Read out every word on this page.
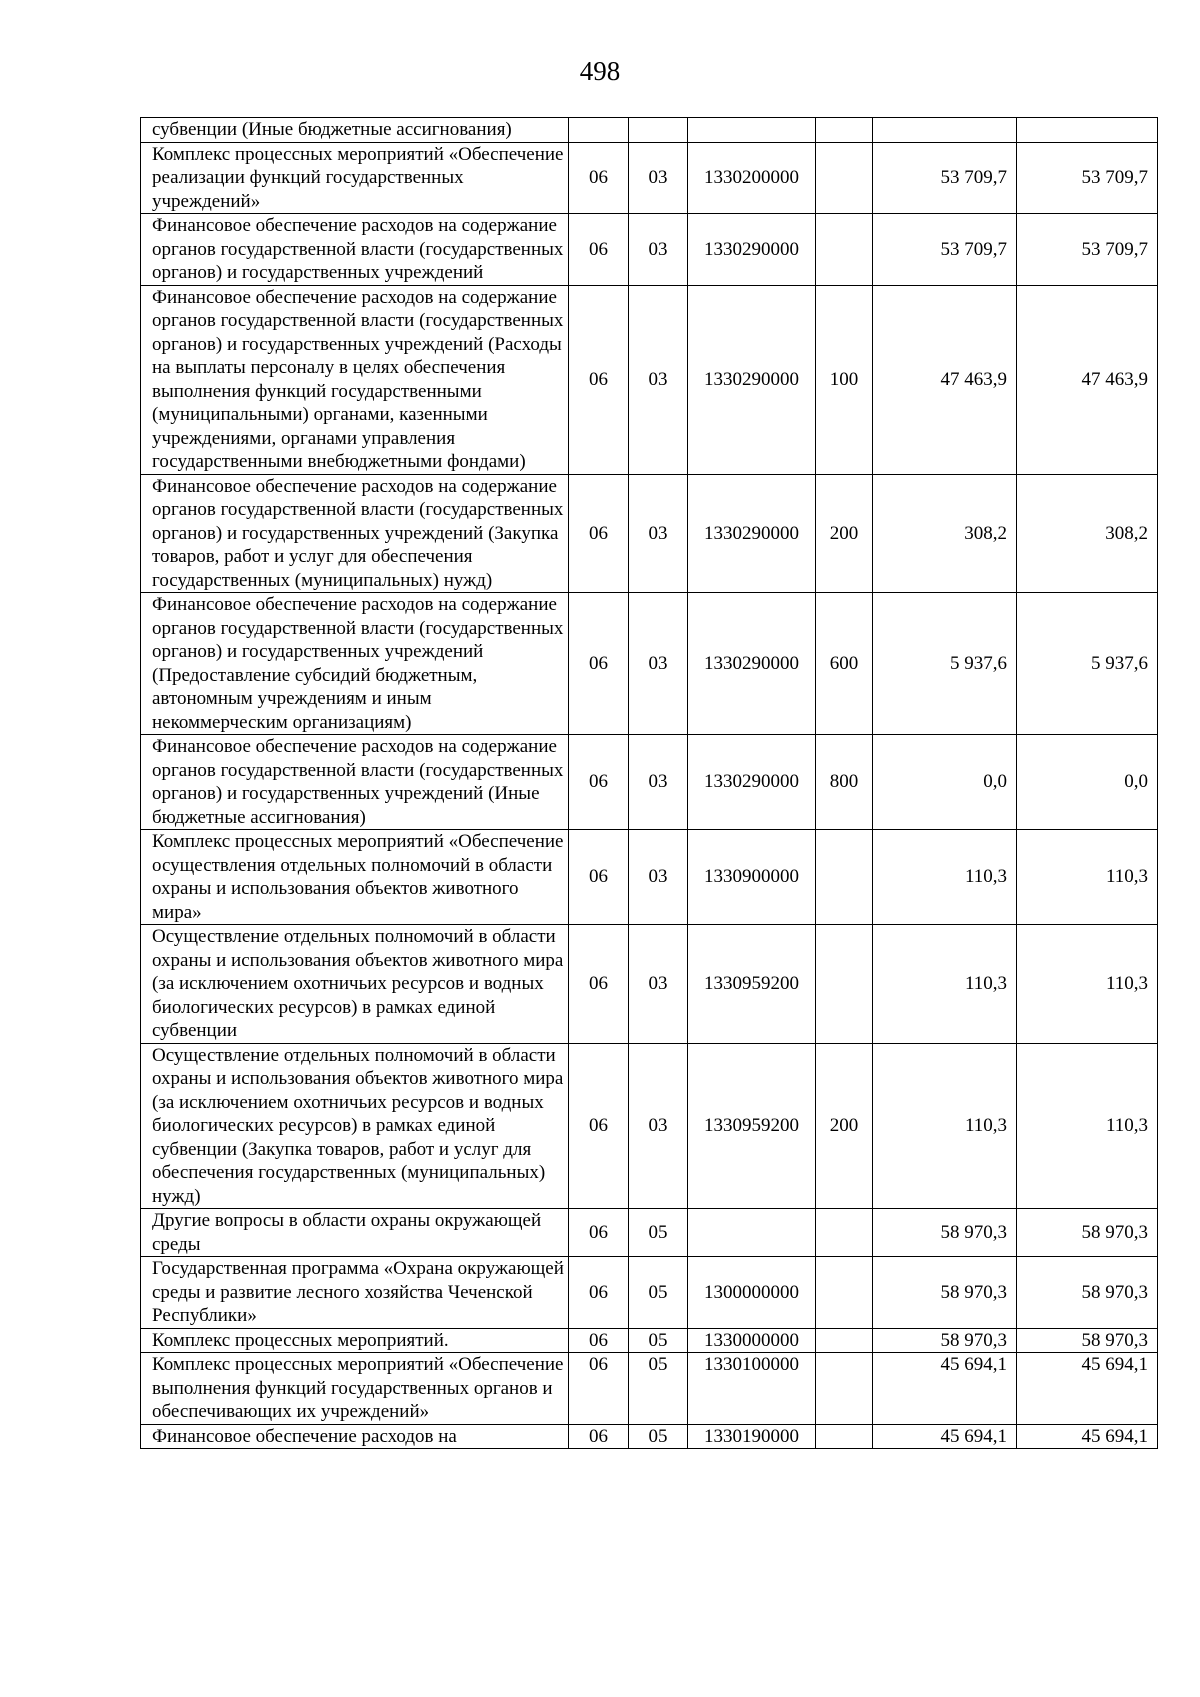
498
субвенции (Иные бюджетные ассигнования)						
Комплекс процессных мероприятий «Обеспечение реализации функций государственных учреждений»	06	03	1330200000		53 709,7	53 709,7
Финансовое обеспечение расходов на содержание органов государственной власти (государственных органов) и государственных учреждений	06	03	1330290000		53 709,7	53 709,7
Финансовое обеспечение расходов на содержание органов государственной власти (государственных органов) и государственных учреждений (Расходы на выплаты персоналу в целях обеспечения выполнения функций государственными (муниципальными) органами, казенными учреждениями, органами управления государственными внебюджетными фондами)	06	03	1330290000	100	47 463,9	47 463,9
Финансовое обеспечение расходов на содержание органов государственной власти (государственных органов) и государственных учреждений (Закупка товаров, работ и услуг для обеспечения государственных (муниципальных) нужд)	06	03	1330290000	200	308,2	308,2
Финансовое обеспечение расходов на содержание органов государственной власти (государственных органов) и государственных учреждений (Предоставление субсидий бюджетным, автономным учреждениям и иным некоммерческим организациям)	06	03	1330290000	600	5 937,6	5 937,6
Финансовое обеспечение расходов на содержание органов государственной власти (государственных органов) и государственных учреждений (Иные бюджетные ассигнования)	06	03	1330290000	800	0,0	0,0
Комплекс процессных мероприятий «Обеспечение осуществления отдельных полномочий в области охраны и использования объектов животного мира»	06	03	1330900000		110,3	110,3
Осуществление отдельных полномочий в области охраны и использования объектов животного мира (за исключением охотничьих ресурсов и водных биологических ресурсов) в рамках единой субвенции	06	03	1330959200		110,3	110,3
Осуществление отдельных полномочий в области охраны и использования объектов животного мира (за исключением охотничьих ресурсов и водных биологических ресурсов) в рамках единой субвенции (Закупка товаров, работ и услуг для обеспечения государственных (муниципальных) нужд)	06	03	1330959200	200	110,3	110,3
Другие вопросы в области охраны окружающей среды	06	05			58 970,3	58 970,3
Государственная программа «Охрана окружающей среды и развитие лесного хозяйства Чеченской Республики»	06	05	1300000000		58 970,3	58 970,3
Комплекс процессных мероприятий.	06	05	1330000000		58 970,3	58 970,3
Комплекс процессных мероприятий «Обеспечение выполнения функций государственных органов и обеспечивающих их учреждений»	06	05	1330100000		45 694,1	45 694,1
Финансовое обеспечение расходов на	06	05	1330190000		45 694,1	45 694,1
